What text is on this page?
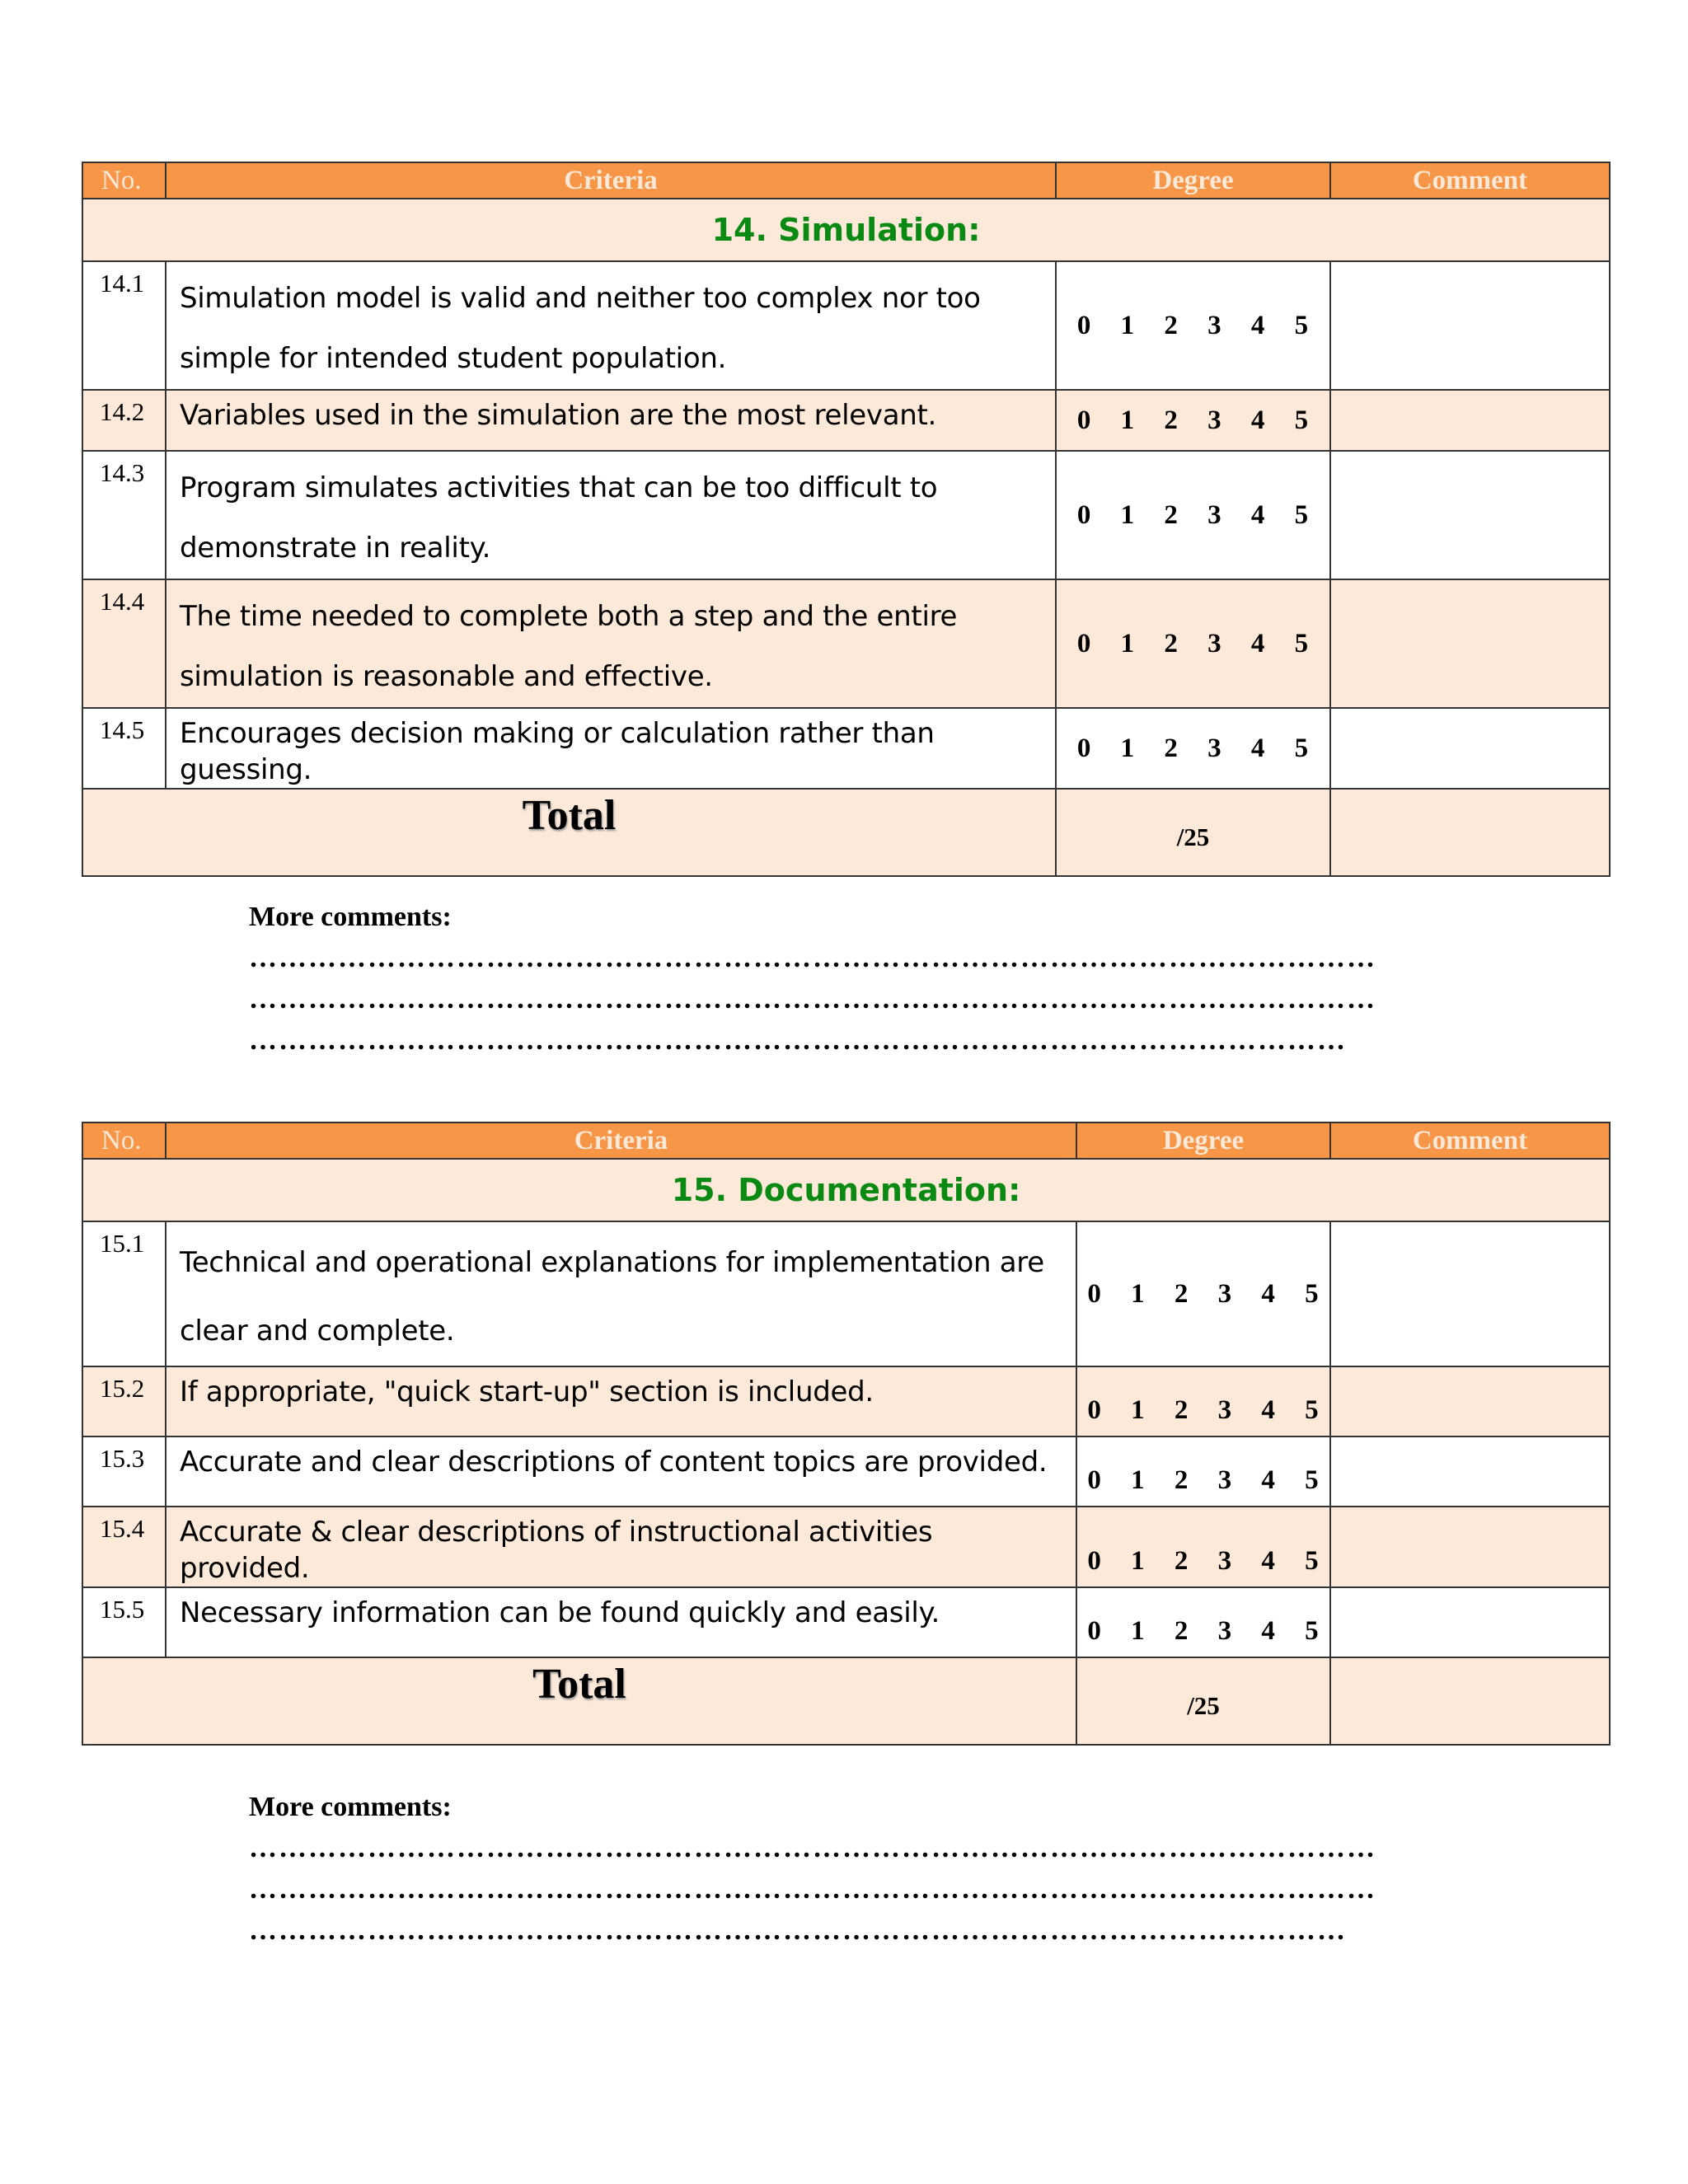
No.	Criteria	Degree	Comment
14. Simulation:			
14.1	Simulation model is valid and neither too complex nor too simple for intended student population.	0 1 2 3 4 5	
14.2	Variables used in the simulation are the most relevant.	0 1 2 3 4 5	
14.3	Program simulates activities that can be too difficult to demonstrate in reality.	0 1 2 3 4 5	
14.4	The time needed to complete both a step and the entire simulation is reasonable and effective.	0 1 2 3 4 5	
14.5	Encourages decision making or calculation rather than guessing.	0 1 2 3 4 5	
Total		/25	
More comments:
……………………………………………………………………………………………………
……………………………………………………………………………………………………
…………………………………………………………………………………………………
No.	Criteria	Degree	Comment
15. Documentation:			
15.1	Technical and operational explanations for implementation are clear and complete.	0 1 2 3 4 5	
15.2	If appropriate, "quick start-up" section is included.	0 1 2 3 4 5	
15.3	Accurate and clear descriptions of content topics are provided.	0 1 2 3 4 5	
15.4	Accurate & clear descriptions of instructional activities provided.	0 1 2 3 4 5	
15.5	Necessary information can be found quickly and easily.	0 1 2 3 4 5	
Total		/25	
More comments:
……………………………………………………………………………………………………
……………………………………………………………………………………………………
…………………………………………………………………………………………………
